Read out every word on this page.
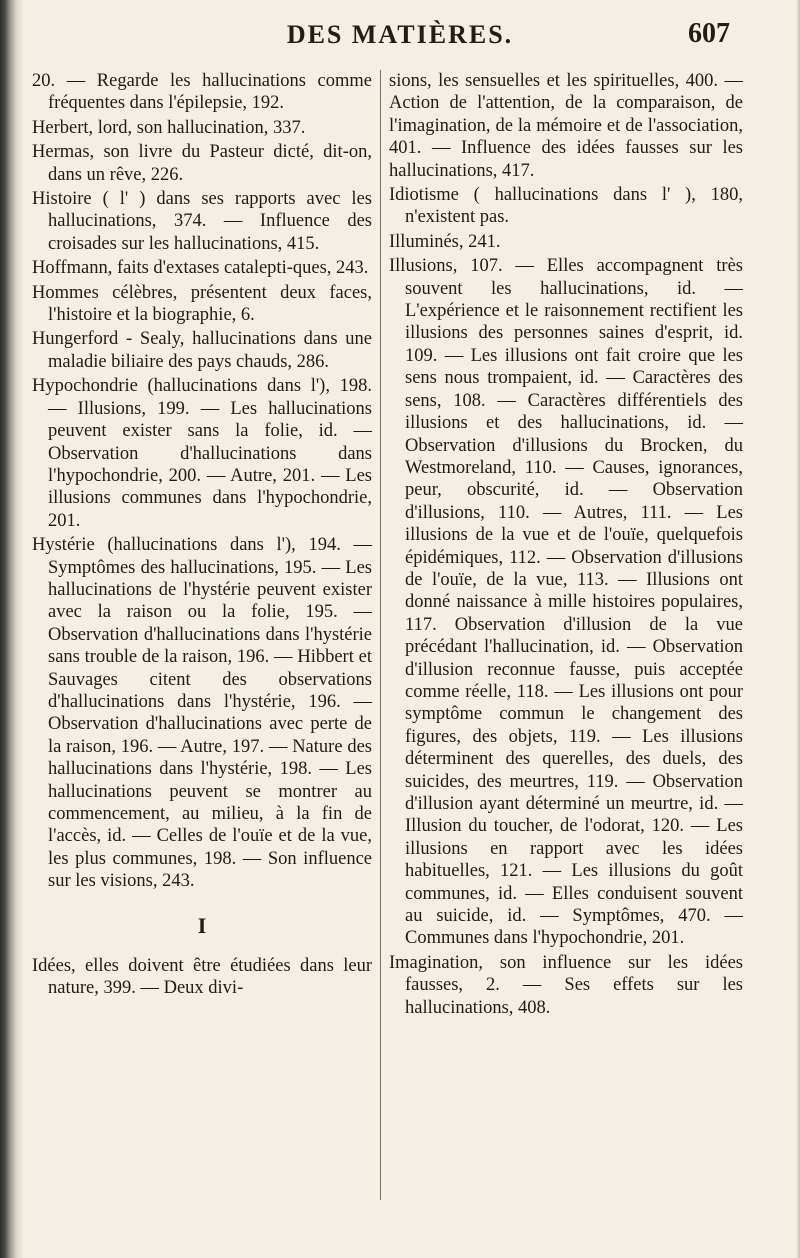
DES MATIÈRES.	607

20. — Regarde les hallucinations comme fréquentes dans l'épilepsie, 192.

Herbert, lord, son hallucination, 337.

Hermas, son livre du Pasteur dicté, dit-on, dans un rêve, 226.

Histoire ( l' ) dans ses rapports avec les hallucinations, 374. — Influence des croisades sur les hallucinations, 415.

Hoffmann, faits d'extases catalepti-ques, 243.

Hommes célèbres, présentent deux faces, l'histoire et la biographie, 6.

Hungerford - Sealy, hallucinations dans une maladie biliaire des pays chauds, 286.

Hypochondrie (hallucinations dans l'), 198. — Illusions, 199. — Les hallucinations peuvent exister sans la folie, id. — Observation d'hallucinations dans l'hypochondrie, 200. — Autre, 201. — Les illusions communes dans l'hypochondrie, 201.

Hystérie (hallucinations dans l'), 194. — Symptômes des hallucinations, 195. — Les hallucinations de l'hystérie peuvent exister avec la raison ou la folie, 195. — Observation d'hallucinations dans l'hystérie sans trouble de la raison, 196. — Hibbert et Sauvages citent des observations d'hallucinations dans l'hystérie, 196. — Observation d'hallucinations avec perte de la raison, 196. — Autre, 197. — Nature des hallucinations dans l'hystérie, 198. — Les hallucinations peuvent se montrer au commencement, au milieu, à la fin de l'accès, id. — Celles de l'ouïe et de la vue, les plus communes, 198. — Son influence sur les visions, 243.

I

Idées, elles doivent être étudiées dans leur nature, 399. — Deux divi-

sions, les sensuelles et les spirituelles, 400. — Action de l'attention, de la comparaison, de l'imagination, de la mémoire et de l'association, 401. — Influence des idées fausses sur les hallucinations, 417.

Idiotisme ( hallucinations dans l' ), 180, n'existent pas.

Illuminés, 241.

Illusions, 107. — Elles accompagnent très souvent les hallucinations, id. — L'expérience et le raisonnement rectifient les illusions des personnes saines d'esprit, id. 109. — Les illusions ont fait croire que les sens nous trompaient, id. — Caractères des sens, 108. — Caractères différentiels des illusions et des hallucinations, id. — Observation d'illusions du Brocken, du Westmoreland, 110. — Causes, ignorances, peur, obscurité, id. — Observation d'illusions, 110. — Autres, 111. — Les illusions de la vue et de l'ouïe, quelquefois épidémiques, 112. — Observation d'illusions de l'ouïe, de la vue, 113. — Illusions ont donné naissance à mille histoires populaires, 117. Observation d'illusion de la vue précédant l'hallucination, id. — Observation d'illusion reconnue fausse, puis acceptée comme réelle, 118. — Les illusions ont pour symptôme commun le changement des figures, des objets, 119. — Les illusions déterminent des querelles, des duels, des suicides, des meurtres, 119. — Observation d'illusion ayant déterminé un meurtre, id. — Illusion du toucher, de l'odorat, 120. — Les illusions en rapport avec les idées habituelles, 121. — Les illusions du goût communes, id. — Elles conduisent souvent au suicide, id. — Symptômes, 470. — Communes dans l'hypochondrie, 201.

Imagination, son influence sur les idées fausses, 2. — Ses effets sur les hallucinations, 408.
